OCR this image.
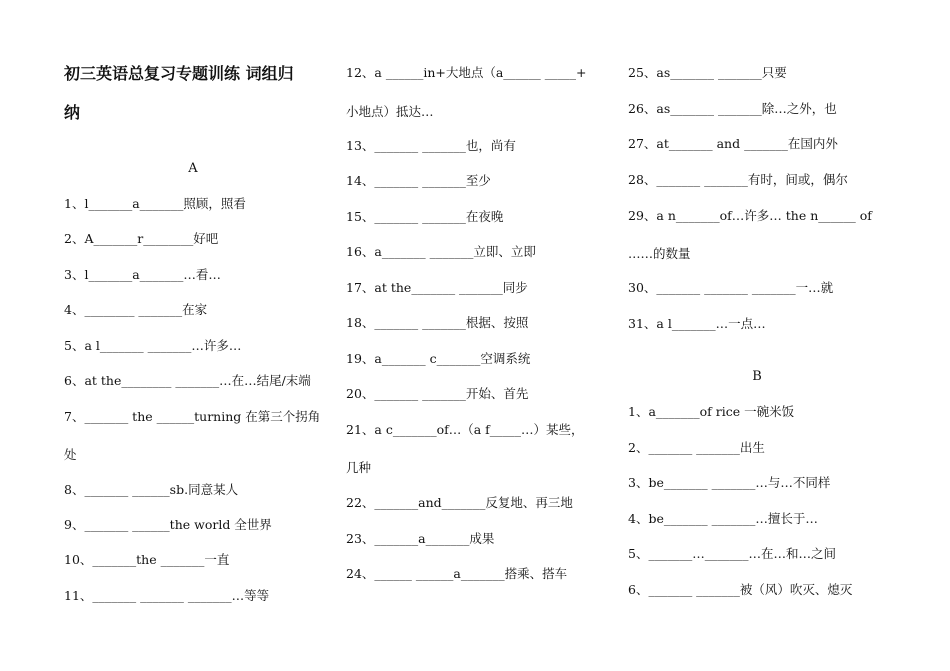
初三英语总复习专题训练 词组归
纳
A
1、l_______a_______照顾，照看
2、A_______r________好吧
3、l_______a_______…看…
4、________ _______在家
5、a l_______ _______…许多…
6、at the________ _______…在…结尾/末端
7、_______ the ______turning 在第三个拐角
处
8、_______ ______sb.同意某人
9、_______ ______the world 全世界
10、_______the _______一直
11、_______ _______ _______…等等
12、a ______in+大地点（a______ _____+
小地点）抵达…
13、_______ _______也，尚有
14、_______ _______至少
15、_______ _______在夜晚
16、a_______ _______立即、立即
17、at the_______ _______同步
18、_______ _______根据、按照
19、a_______ c_______空调系统
20、_______ _______开始、首先
21、a c_______of…（a f_____…）某些，
几种
22、_______and_______反复地、再三地
23、_______a_______成果
24、______ ______a_______搭乘、搭车
25、as_______ _______只要
26、as_______ _______除…之外，也
27、at_______ and _______在国内外
28、_______ _______有时，间或，偶尔
29、a n_______of…许多… the n______ of
……的数量
30、_______ _______ _______一…就
31、a l_______…一点…
B
1、a_______of rice 一碗米饭
2、_______ _______出生
3、be_______ _______…与…不同样
4、be_______ _______…擅长于…
5、_______…_______…在…和…之间
6、_______ _______被（风）吹灭、熄灭
